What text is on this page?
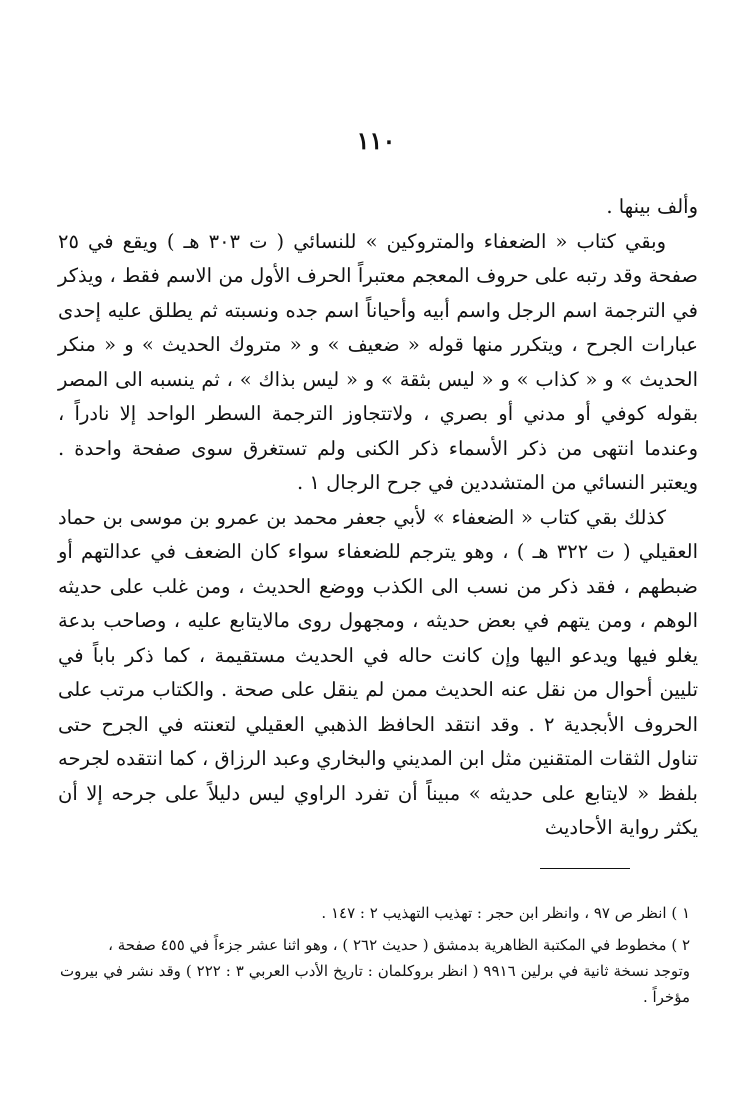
١١٠

وألف بينها .

وبقي كتاب « الضعفاء والمتروكين » للنسائي ( ت ٣٠٣ هـ ) ويقع في ٢٥ صفحة وقد رتبه على حروف المعجم معتبراً الحرف الأول من الاسم فقط ، ويذكر في الترجمة اسم الرجل واسم أبيه وأحياناً اسم جده ونسبته ثم يطلق عليه إحدى عبارات الجرح ، ويتكرر منها قوله « ضعيف » و « متروك الحديث » و « منكر الحديث » و « كذاب » و « ليس بثقة » و « ليس بذاك » ، ثم ينسبه الى المصر بقوله كوفي أو مدني أو بصري ، ولاتتجاوز الترجمة السطر الواحد إلا نادراً ، وعندما انتهى من ذكر الأسماء ذكر الكنى ولم تستغرق سوى صفحة واحدة . ويعتبر النسائي من المتشددين في جرح الرجال ١ .

كذلك بقي كتاب « الضعفاء » لأبي جعفر محمد بن عمرو بن موسى بن حماد العقيلي ( ت ٣٢٢ هـ ) ، وهو يترجم للضعفاء سواء كان الضعف في عدالتهم أو ضبطهم ، فقد ذكر من نسب الى الكذب ووضع الحديث ، ومن غلب على حديثه الوهم ، ومن يتهم في بعض حديثه ، ومجهول روى مالايتابع عليه ، وصاحب بدعة يغلو فيها ويدعو اليها وإن كانت حاله في الحديث مستقيمة ، كما ذكر باباً في تليين أحوال من نقل عنه الحديث ممن لم ينقل على صحة . والكتاب مرتب على الحروف الأبجدية ٢ . وقد انتقد الحافظ الذهبي العقيلي لتعنته في الجرح حتى تناول الثقات المتقنين مثل ابن المديني والبخاري وعبد الرزاق ، كما انتقده لجرحه بلفظ « لايتابع على حديثه » مبيناً أن تفرد الراوي ليس دليلاً على جرحه إلا أن يكثر رواية الأحاديث

١ ) انظر ص ٩٧ ، وانظر ابن حجر : تهذيب التهذيب ٢ : ١٤٧ .

٢ ) مخطوط في المكتبة الظاهرية بدمشق ( حديث ٢٦٢ ) ، وهو اثنا عشر جزءاً في ٤٥٥ صفحة ،

وتوجد نسخة ثانية في برلين ٩٩١٦ ( انظر بروكلمان : تاريخ الأدب العربي ٣ : ٢٢٢ ) وقد نشر في بيروت مؤخراً .
